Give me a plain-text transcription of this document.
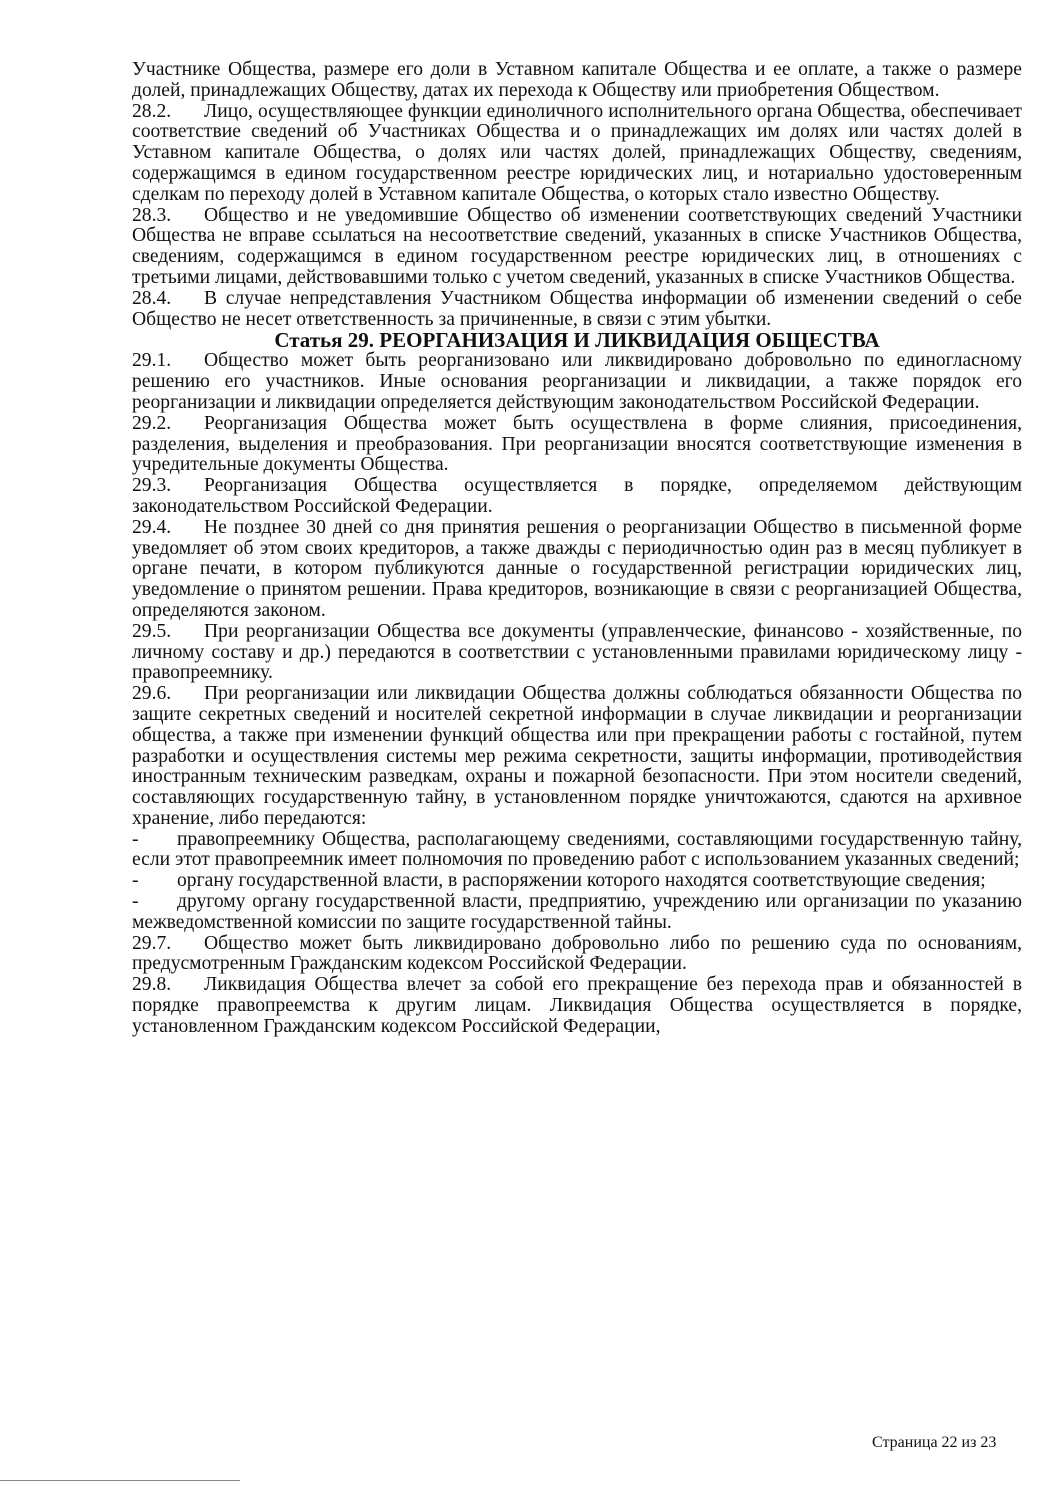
Участнике Общества, размере его доли в Уставном капитале Общества и ее оплате, а также о размере долей, принадлежащих Обществу, датах их перехода к Обществу или приобретения Обществом.

28.2. Лицо, осуществляющее функции единоличного исполнительного органа Общества, обеспечивает соответствие сведений об Участниках Общества и о принадлежащих им долях или частях долей в Уставном капитале Общества, о долях или частях долей, принадлежащих Обществу, сведениям, содержащимся в едином государственном реестре юридических лиц, и нотариально удостоверенным сделкам по переходу долей в Уставном капитале Общества, о которых стало известно Обществу.

28.3. Общество и не уведомившие Общество об изменении соответствующих сведений Участники Общества не вправе ссылаться на несоответствие сведений, указанных в списке Участников Общества, сведениям, содержащимся в едином государственном реестре юридических лиц, в отношениях с третьими лицами, действовавшими только с учетом сведений, указанных в списке Участников Общества.

28.4. В случае непредставления Участником Общества информации об изменении сведений о себе Общество не несет ответственность за причиненные, в связи с этим убытки.

Статья 29. РЕОРГАНИЗАЦИЯ И ЛИКВИДАЦИЯ ОБЩЕСТВА

29.1. Общество может быть реорганизовано или ликвидировано добровольно по единогласному решению его участников. Иные основания реорганизации и ликвидации, а также порядок его реорганизации и ликвидации определяется действующим законодательством Российской Федерации.

29.2. Реорганизация Общества может быть осуществлена в форме слияния, присоединения, разделения, выделения и преобразования. При реорганизации вносятся соответствующие изменения в учредительные документы Общества.

29.3. Реорганизация Общества осуществляется в порядке, определяемом действующим законодательством Российской Федерации.

29.4. Не позднее 30 дней со дня принятия решения о реорганизации Общество в письменной форме уведомляет об этом своих кредиторов, а также дважды с периодичностью один раз в месяц публикует в органе печати, в котором публикуются данные о государственной регистрации юридических лиц, уведомление о принятом решении. Права кредиторов, возникающие в связи с реорганизацией Общества, определяются законом.

29.5. При реорганизации Общества все документы (управленческие, финансово - хозяйственные, по личному составу и др.) передаются в соответствии с установленными правилами юридическому лицу - правопреемнику.

29.6. При реорганизации или ликвидации Общества должны соблюдаться обязанности Общества по защите секретных сведений и носителей секретной информации в случае ликвидации и реорганизации общества, а также при изменении функций общества или при прекращении работы с гостайной, путем разработки и осуществления системы мер режима секретности, защиты информации, противодействия иностранным техническим разведкам, охраны и пожарной безопасности. При этом носители сведений, составляющих государственную тайну, в установленном порядке уничтожаются, сдаются на архивное хранение, либо передаются:

- правопреемнику Общества, располагающему сведениями, составляющими государственную тайну, если этот правопреемник имеет полномочия по проведению работ с использованием указанных сведений;

- органу государственной власти, в распоряжении которого находятся соответствующие сведения;

- другому органу государственной власти, предприятию, учреждению или организации по указанию межведомственной комиссии по защите государственной тайны.

29.7. Общество может быть ликвидировано добровольно либо по решению суда по основаниям, предусмотренным Гражданским кодексом Российской Федерации.

29.8. Ликвидация Общества влечет за собой его прекращение без перехода прав и обязанностей в порядке правопреемства к другим лицам. Ликвидация Общества осуществляется в порядке, установленном Гражданским кодексом Российской Федерации,

Страница 22 из 23
